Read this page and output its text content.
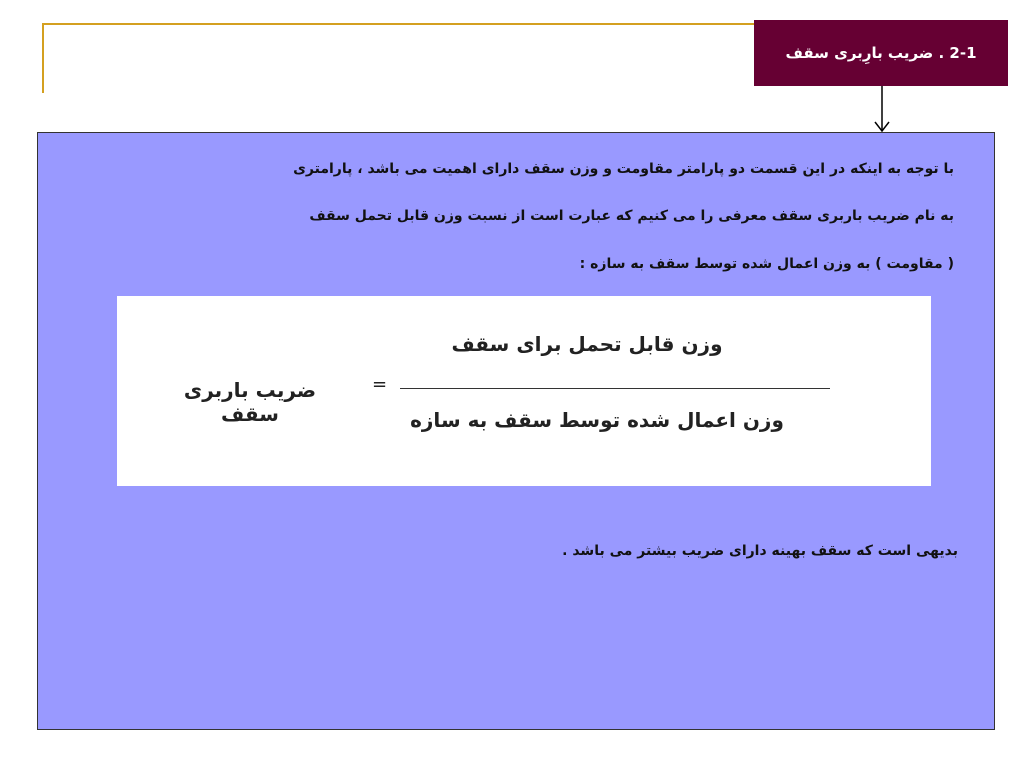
2-1 . ضریب بارِبری سقف
با توجه به اینکه در این قسمت دو پارامتر مقاومت و وزن سقف دارای اهمیت می باشد ، پارامتری
به نام ضریب باربری سقف معرفی را می کنیم که عبارت است از نسبت وزن قابل تحمل سقف
( مقاومت ) به وزن اعمال شده توسط سقف به سازه :
وزن قابل تحمل برای سقف
وزن اعمال شده توسط سقف به سازه
=
ضریب باربری سقف
بدیهی است که سقف بهینه دارای ضریب بیشتر می باشد .
